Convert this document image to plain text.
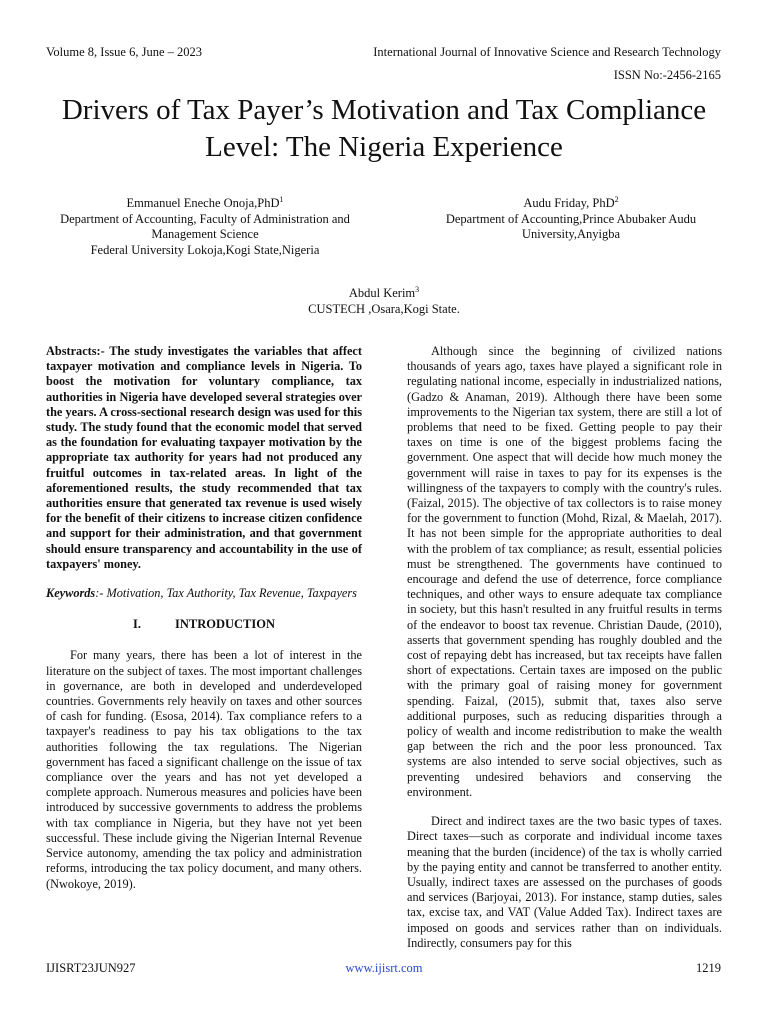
Volume 8, Issue 6, June – 2023	International Journal of Innovative Science and Research Technology
ISSN No:-2456-2165
Drivers of Tax Payer’s Motivation and Tax Compliance Level: The Nigeria Experience
Emmanuel Eneche Onoja,PhD$^1$
Department of Accounting, Faculty of Administration and Management Science
Federal University Lokoja,Kogi State,Nigeria
Audu Friday, PhD$^2$
Department of Accounting,Prince Abubaker Audu University,Anyigba
Abdul Kerim$^3$
CUSTECH ,Osara,Kogi State.

Abstracts:- The study investigates the variables that affect taxpayer motivation and compliance levels in Nigeria. To boost the motivation for voluntary compliance, tax authorities in Nigeria have developed several strategies over the years. A cross-sectional research design was used for this study. The study found that the economic model that served as the foundation for evaluating taxpayer motivation by the appropriate tax authority for years had not produced any fruitful outcomes in tax-related areas. In light of the aforementioned results, the study recommended that tax authorities ensure that generated tax revenue is used wisely for the benefit of their citizens to increase citizen confidence and support for their administration, and that government should ensure transparency and accountability in the use of taxpayers' money.

Keywords:- Motivation, Tax Authority, Tax Revenue, Taxpayers

I.	INTRODUCTION

For many years, there has been a lot of interest in the literature on the subject of taxes. The most important challenges in governance, are both in developed and underdeveloped countries. Governments rely heavily on taxes and other sources of cash for funding. (Esosa, 2014). Tax compliance refers to a taxpayer's readiness to pay his tax obligations to the tax authorities following the tax regulations. The Nigerian government has faced a significant challenge on the issue of tax compliance over the years and has not yet developed a complete approach. Numerous measures and policies have been introduced by successive governments to address the problems with tax compliance in Nigeria, but they have not yet been successful. These include giving the Nigerian Internal Revenue Service autonomy, amending the tax policy and administration reforms, introducing the tax policy document, and many others. (Nwokoye, 2019).

Although since the beginning of civilized nations thousands of years ago, taxes have played a significant role in regulating national income, especially in industrialized nations, (Gadzo & Anaman, 2019). Although there have been some improvements to the Nigerian tax system, there are still a lot of problems that need to be fixed. Getting people to pay their taxes on time is one of the biggest problems facing the government. One aspect that will decide how much money the government will raise in taxes to pay for its expenses is the willingness of the taxpayers to comply with the country's rules. (Faizal, 2015). The objective of tax collectors is to raise money for the government to function (Mohd, Rizal, & Maelah, 2017). It has not been simple for the appropriate authorities to deal with the problem of tax compliance; as result, essential policies must be strengthened. The governments have continued to encourage and defend the use of deterrence, force compliance techniques, and other ways to ensure adequate tax compliance in society, but this hasn't resulted in any fruitful results in terms of the endeavor to boost tax revenue. Christian Daude, (2010), asserts that government spending has roughly doubled and the cost of repaying debt has increased, but tax receipts have fallen short of expectations. Certain taxes are imposed on the public with the primary goal of raising money for government spending. Faizal, (2015), submit that, taxes also serve additional purposes, such as reducing disparities through a policy of wealth and income redistribution to make the wealth gap between the rich and the poor less pronounced. Tax systems are also intended to serve social objectives, such as preventing undesired behaviors and conserving the environment.

Direct and indirect taxes are the two basic types of taxes. Direct taxes—such as corporate and individual income taxes meaning that the burden (incidence) of the tax is wholly carried by the paying entity and cannot be transferred to another entity. Usually, indirect taxes are assessed on the purchases of goods and services (Barjoyai, 2013). For instance, stamp duties, sales tax, excise tax, and VAT (Value Added Tax). Indirect taxes are imposed on goods and services rather than on individuals. Indirectly, consumers pay for this

IJISRT23JUN927	www.ijisrt.com	1219
